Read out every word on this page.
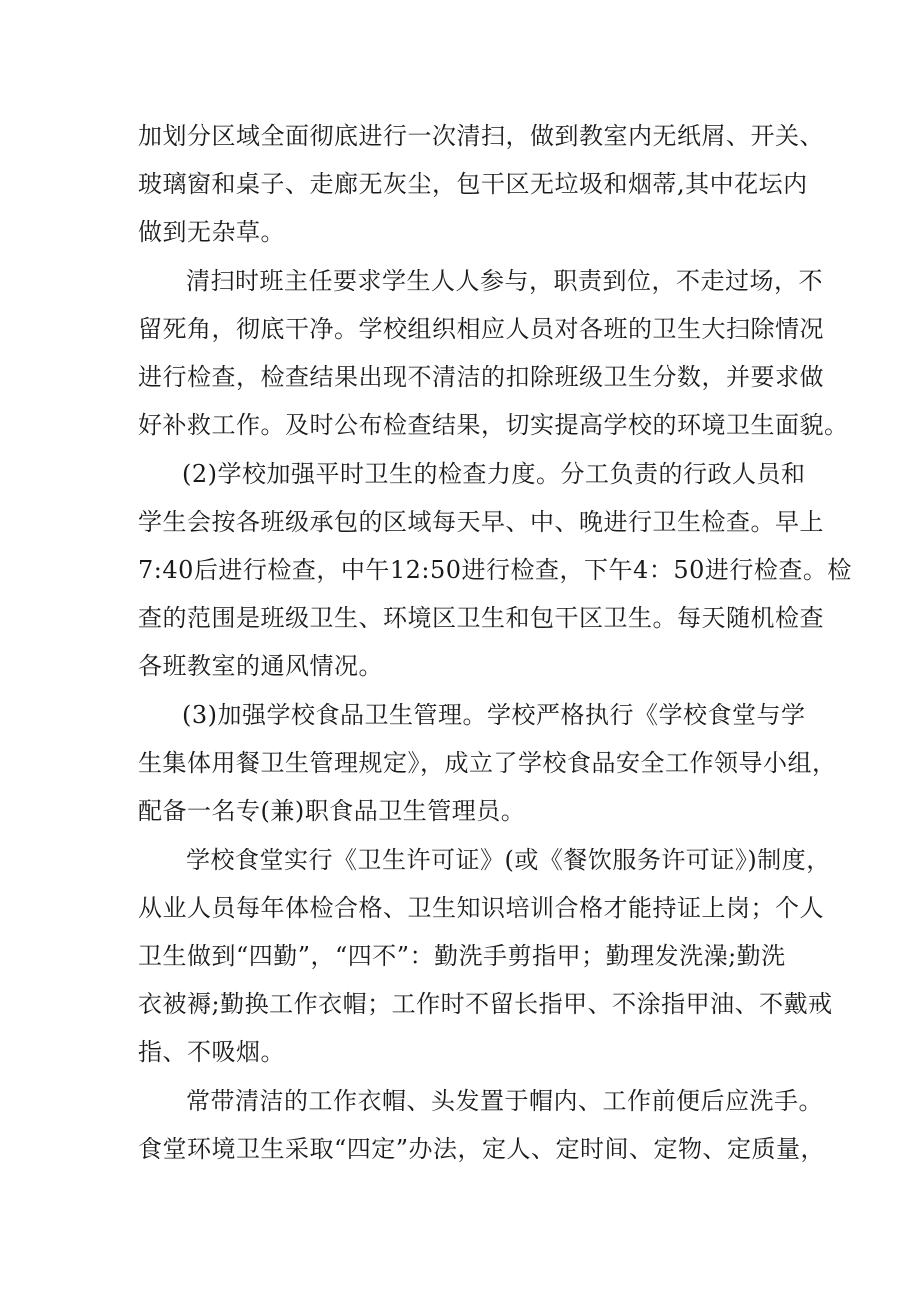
加划分区域全面彻底进行一次清扫，做到教室内无纸屑、开关、
玻璃窗和桌子、走廊无灰尘，包干区无垃圾和烟蒂,其中花坛内
做到无杂草。
清扫时班主任要求学生人人参与，职责到位，不走过场，不
留死角，彻底干净。学校组织相应人员对各班的卫生大扫除情况
进行检查，检查结果出现不清洁的扣除班级卫生分数，并要求做
好补救工作。及时公布检查结果，切实提高学校的环境卫生面貌。
(2)学校加强平时卫生的检查力度。分工负责的行政人员和
学生会按各班级承包的区域每天早、中、晚进行卫生检查。早上
7:40后进行检查，中午12:50进行检查，下午4：50进行检查。检
查的范围是班级卫生、环境区卫生和包干区卫生。每天随机检查
各班教室的通风情况。
(3)加强学校食品卫生管理。学校严格执行《学校食堂与学
生集体用餐卫生管理规定》，成立了学校食品安全工作领导小组，
配备一名专(兼)职食品卫生管理员。
学校食堂实行《卫生许可证》(或《餐饮服务许可证》)制度，
从业人员每年体检合格、卫生知识培训合格才能持证上岗；个人
卫生做到“四勤”，“四不”：勤洗手剪指甲；勤理发洗澡;勤洗
衣被褥;勤换工作衣帽；工作时不留长指甲、不涂指甲油、不戴戒
指、不吸烟。
常带清洁的工作衣帽、头发置于帽内、工作前便后应洗手。
食堂环境卫生采取“四定”办法，定人、定时间、定物、定质量，
